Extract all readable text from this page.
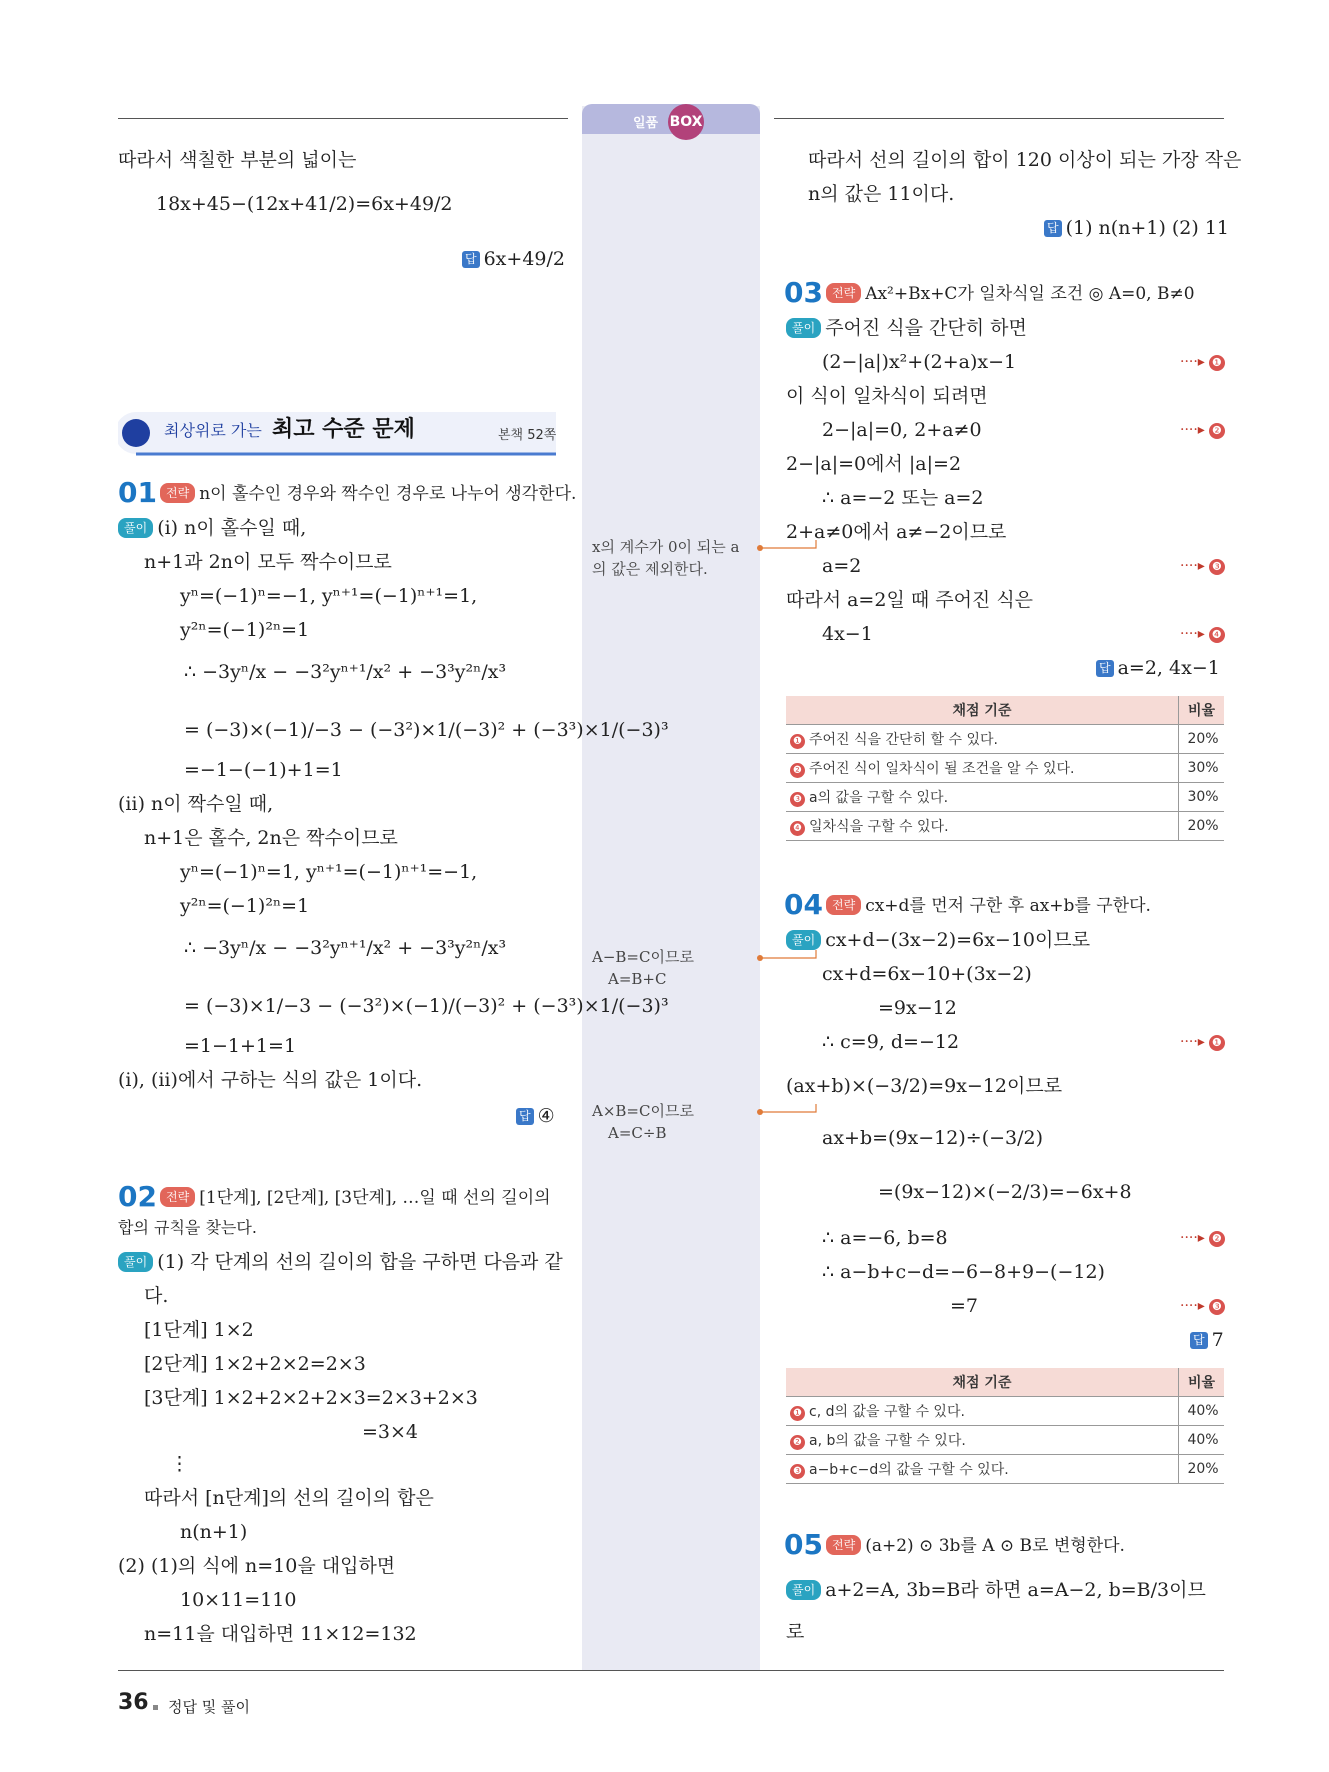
일품 BOX
따라서 색칠한 부분의 넓이는
18x+45−(12x+41/2)=6x+49/2
답 6x+49/2
최상위로 가는 최고 수준 문제	본책 52쪽
01 전략 n이 홀수인 경우와 짝수인 경우로 나누어 생각한다.
풀이 (ⅰ) n이 홀수일 때,
n+1과 2n이 모두 짝수이므로
yⁿ=(−1)ⁿ=−1, yⁿ⁺¹=(−1)ⁿ⁺¹=1,
y²ⁿ=(−1)²ⁿ=1
∴ −3yⁿ/x − −3²yⁿ⁺¹/x² + −3³y²ⁿ/x³
= (−3)×(−1)/−3 − (−3²)×1/(−3)² + (−3³)×1/(−3)³
=−1−(−1)+1=1
(ⅱ) n이 짝수일 때,
n+1은 홀수, 2n은 짝수이므로
yⁿ=(−1)ⁿ=1, yⁿ⁺¹=(−1)ⁿ⁺¹=−1,
y²ⁿ=(−1)²ⁿ=1
∴ −3yⁿ/x − −3²yⁿ⁺¹/x² + −3³y²ⁿ/x³
= (−3)×1/−3 − (−3²)×(−1)/(−3)² + (−3³)×1/(−3)³
=1−1+1=1
(ⅰ), (ⅱ)에서 구하는 식의 값은 1이다.
답 ④
02 전략 [1단계], [2단계], [3단계], …일 때 선의 길이의
합의 규칙을 찾는다.
풀이 (1) 각 단계의 선의 길이의 합을 구하면 다음과 같
다.
[1단계] 1×2
[2단계] 1×2+2×2=2×3
[3단계] 1×2+2×2+2×3=2×3+2×3
=3×4
⋮
따라서 [n단계]의 선의 길이의 합은
n(n+1)
(2) (1)의 식에 n=10을 대입하면
10×11=110
n=11을 대입하면 11×12=132
x의 계수가 0이 되는 a
의 값은 제외한다.
A−B=C이므로
A=B+C
A×B=C이므로
A=C÷B
따라서 선의 길이의 합이 120 이상이 되는 가장 작은
n의 값은 11이다.
답 (1) n(n+1) (2) 11
03 전략 Ax²+Bx+C가 일차식일 조건 ◎ A=0, B≠0
풀이 주어진 식을 간단히 하면
(2−|a|)x²+(2+a)x−1	····▸ ❶
이 식이 일차식이 되려면
2−|a|=0, 2+a≠0	····▸ ❷
2−|a|=0에서 |a|=2
∴ a=−2 또는 a=2
2+a≠0에서 a≠−2이므로
a=2	····▸ ❸
따라서 a=2일 때 주어진 식은
4x−1	····▸ ❹
답 a=2, 4x−1
채점 기준	비율
❶ 주어진 식을 간단히 할 수 있다.	20%
❷ 주어진 식이 일차식이 될 조건을 알 수 있다.	30%
❸ a의 값을 구할 수 있다.	30%
❹ 일차식을 구할 수 있다.	20%
04 전략 cx+d를 먼저 구한 후 ax+b를 구한다.
풀이 cx+d−(3x−2)=6x−10이므로
cx+d=6x−10+(3x−2)
=9x−12
∴ c=9, d=−12	····▸ ❶
(ax+b)×(−3/2)=9x−12이므로
ax+b=(9x−12)÷(−3/2)
=(9x−12)×(−2/3)=−6x+8
∴ a=−6, b=8	····▸ ❷
∴ a−b+c−d=−6−8+9−(−12)
=7	····▸ ❸
답 7
채점 기준	비율
❶ c, d의 값을 구할 수 있다.	40%
❷ a, b의 값을 구할 수 있다.	40%
❸ a−b+c−d의 값을 구할 수 있다.	20%
05 전략 (a+2) ⊙ 3b를 A ⊙ B로 변형한다.
풀이 a+2=A, 3b=B라 하면 a=A−2, b=B/3이므
로
36 정답 및 풀이
